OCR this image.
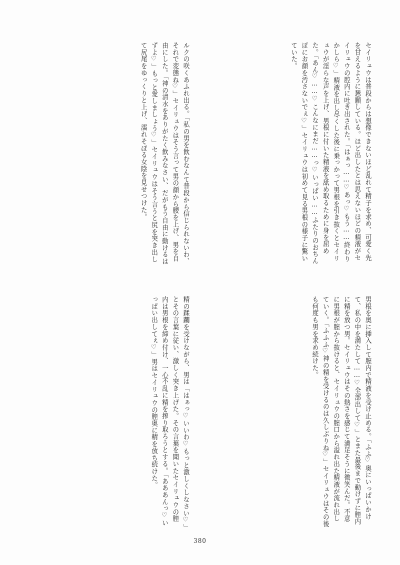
セイリュウは普段からは想像できないほど乱れて精子を求め、可愛く先を甘えるように懇願している。ほど出したとは思えないほどの精液がセイリュウの腔内に吐き出された。「はぁっ……♡あっ♡もう……終わりかしら♡」精液を出し尽くした後に乗っかって男根を引き抜くとセイリュウが淫らな声を上げ、男根に付いた精液を舐め取るために身を屈めた。「あん♡……♡こんなにまだ……っ♡いっぱい……ふたりのおちんぽにお顔を汚さないでぇ♡」セイリュウは初めて見る男根の様子に驚いていた。

ルクの咲くあふれ出る。「私の男を飲むなんて普段から信じられないわ、それで変態ね♡」セイリュウはそう言って男の顔から腰を上げ、男を自由にした。「神の清水をありがたく飲みなさい、だがもう自由に動けるはずよ♡」もっと愛しましょう♡」セイリュウはそう言うと尻を突き出して尻尾をゆっくりと上げ、濡れそぼる女陰を見せつけた。

男根を奥に挿入して膣内で精液を受け止める。「ふふ♡奥にいっぱいかけて、私の中を満たして……♡全部出して♡」とまた最後まで動けずに膣内に精を放つ男。セイリュウはその熱さを感じて満足そうに微笑んだ。不意に男根が膣から抜けると、セイリュウの膣口から溢れ出た精液が流れ出していく。「ふふふ♡神の精を受けるのは久しぶりね♡」セイリュウはその後も何度も男を求め続けた。

精の蹂躙を受けながら、男は「はぁっ♡いいわ♡もっと激しくしなさい♡」とその言葉に従い、激しく突き上げた。その言葉を聞いたセイリュウの膣内は男根を締め付け、一心不乱に精を搾り取ろうとする。「あああんっ♡いっぱい出してぇ♡」男はセイリュウの膣奥に精を放ち続けた。

380
